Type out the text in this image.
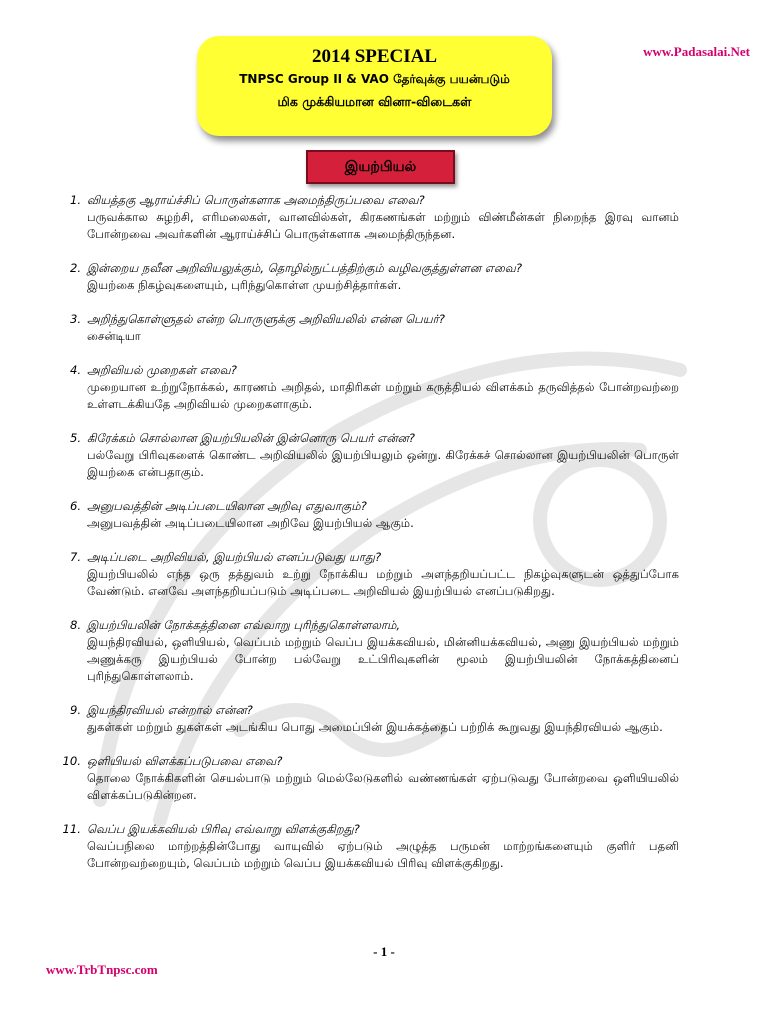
www.Padasalai.Net
2014 SPECIAL
TNPSC Group II & VAO தேர்வுக்கு பயன்படும்
மிக முக்கியமான வினா-விடைகள்
இயற்பியல்
1. வியத்தகு ஆராய்ச்சிப் பொருள்களாக அமைந்திருப்பவை எவை?
பருவக்கால சுழற்சி, எரிமலைகள், வானவில்கள், கிரகணங்கள் மற்றும் விண்மீன்கள் நிறைந்த இரவு வானம் போன்றவை அவர்களின் ஆராய்ச்சிப் பொருள்களாக அமைந்திருந்தன.
2. இன்றைய நவீன அறிவியலுக்கும், தொழில்நுட்பத்திற்கும் வழிவகுத்துள்ளன எவை?
இயற்கை நிகழ்வுகளையும், புரிந்துகொள்ள முயற்சித்தார்கள்.
3. அறிந்துகொள்ளுதல் என்ற பொருளுக்கு அறிவியலில் என்ன பெயர்?
சைன்டியா
4. அறிவியல் முறைகள் எவை?
முறையான உற்றுநோக்கல், காரணம் அறிதல், மாதிரிகள் மற்றும் கருத்தியல் விளக்கம் தருவித்தல் போன்றவற்றை உள்ளடக்கியதே அறிவியல் முறைகளாகும்.
5. கிரேக்கம் சொல்லான இயற்பியலின் இன்னொரு பெயர் என்ன?
பல்வேறு பிரிவுகளைக் கொண்ட அறிவியலில் இயற்பியலும் ஒன்று. கிரேக்கச் சொல்லான இயற்பியலின் பொருள் இயற்கை என்பதாகும்.
6. அனுபவத்தின் அடிப்படையிலான அறிவு எதுவாகும்?
அனுபவத்தின் அடிப்படையிலான அறிவே இயற்பியல் ஆகும்.
7. அடிப்படை அறிவியல், இயற்பியல் எனப்படுவது யாது?
இயற்பியலில் எந்த ஒரு தத்துவம் உற்று நோக்கிய மற்றும் அளந்தறியப்பட்ட நிகழ்வுகளுடன் ஒத்துப்போக வேண்டும். எனவே அளந்தறியப்படும் அடிப்படை அறிவியல் இயற்பியல் எனப்படுகிறது.
8. இயற்பியலின் நோக்கத்தினை எவ்வாறு புரிந்துகொள்ளலாம்,
இயந்திரவியல், ஒளியியல், வெப்பம் மற்றும் வெப்ப இயக்கவியல், மின்னியக்கவியல், அணு இயற்பியல் மற்றும் அணுக்கரு இயற்பியல் போன்ற பல்வேறு உட்பிரிவுகளின் மூலம் இயற்பியலின் நோக்கத்தினைப் புரிந்துகொள்ளலாம்.
9. இயந்திரவியல் என்றால் என்ன?
துகள்கள் மற்றும் துகள்கள் அடங்கிய பொது அமைப்பின் இயக்கத்தைப் பற்றிக் கூறுவது இயந்திரவியல் ஆகும்.
10. ஒளியியல் விளக்கப்படுபவை எவை?
தொலை நோக்கிகளின் செயல்பாடு மற்றும் மெல்லேடுகளில் வண்ணங்கள் ஏற்படுவது போன்றவை ஒளியியலில் விளக்கப்படுகின்றன.
11. வெப்ப இயக்கவியல் பிரிவு எவ்வாறு விளக்குகிறது?
வெப்பநிலை மாற்றத்தின்போது வாயுவில் ஏற்படும் அழுத்த பருமன் மாற்றங்களையும் குளிர் பதனி போன்றவற்றையும், வெப்பம் மற்றும் வெப்ப இயக்கவியல் பிரிவு விளக்குகிறது.
- 1 -
www.TrbTnpsc.com
